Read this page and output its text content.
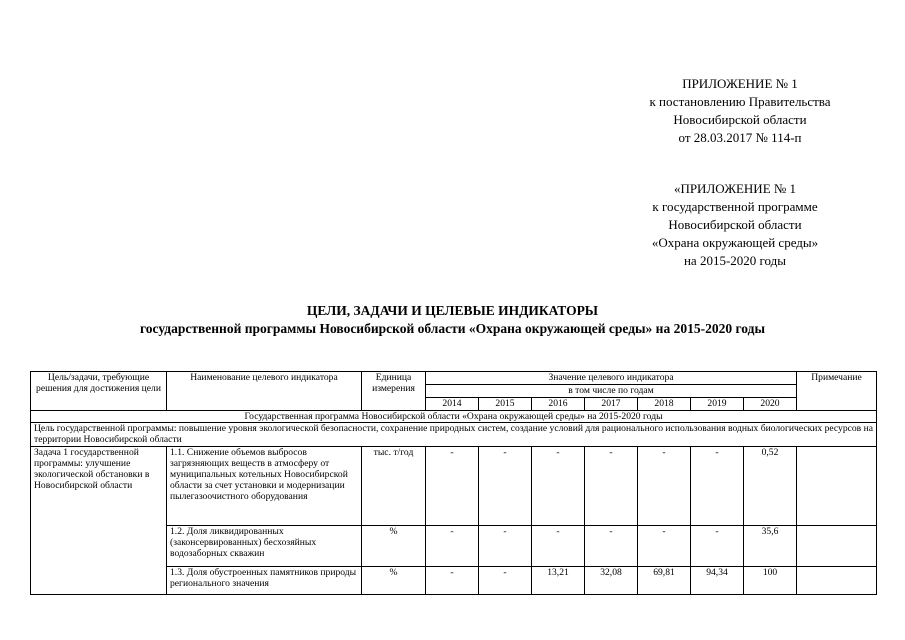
ПРИЛОЖЕНИЕ № 1
к постановлению Правительства
Новосибирской области
от 28.03.2017 № 114-п
«ПРИЛОЖЕНИЕ № 1
к государственной программе
Новосибирской области
«Охрана окружающей среды»
на 2015-2020 годы
ЦЕЛИ, ЗАДАЧИ И ЦЕЛЕВЫЕ ИНДИКАТОРЫ
государственной программы Новосибирской области «Охрана окружающей среды» на 2015-2020 годы
Цель/задачи, требующие решения для достижения цели	Наименование целевого индикатора	Единица измерения	Значение целевого индикатора							Примечание
			в том числе по годам							
			2014	2015	2016	2017	2018	2019	2020	
Государственная программа Новосибирской области «Охрана окружающей среды» на 2015-2020 годы										
Цель государственной программы: повышение уровня экологической безопасности, сохранение природных систем, создание условий для рационального использования водных биологических ресурсов на территории Новосибирской области										
Задача 1 государственной программы: улучшение экологической обстановки в Новосибирской области	1.1. Снижение объемов выбросов загрязняющих веществ в атмосферу от муниципальных котельных Новосибирской области за счет установки и модернизации пылегазоочистного оборудования	тыс. т/год	-	-	-	-	-	-	0,52	
	1.2. Доля ликвидированных (законсервированных) бесхозяйных водозаборных скважин	%	-	-	-	-	-	-	35,6	
	1.3. Доля обустроенных памятников природы регионального значения	%	-	-	13,21	32,08	69,81	94,34	100	
